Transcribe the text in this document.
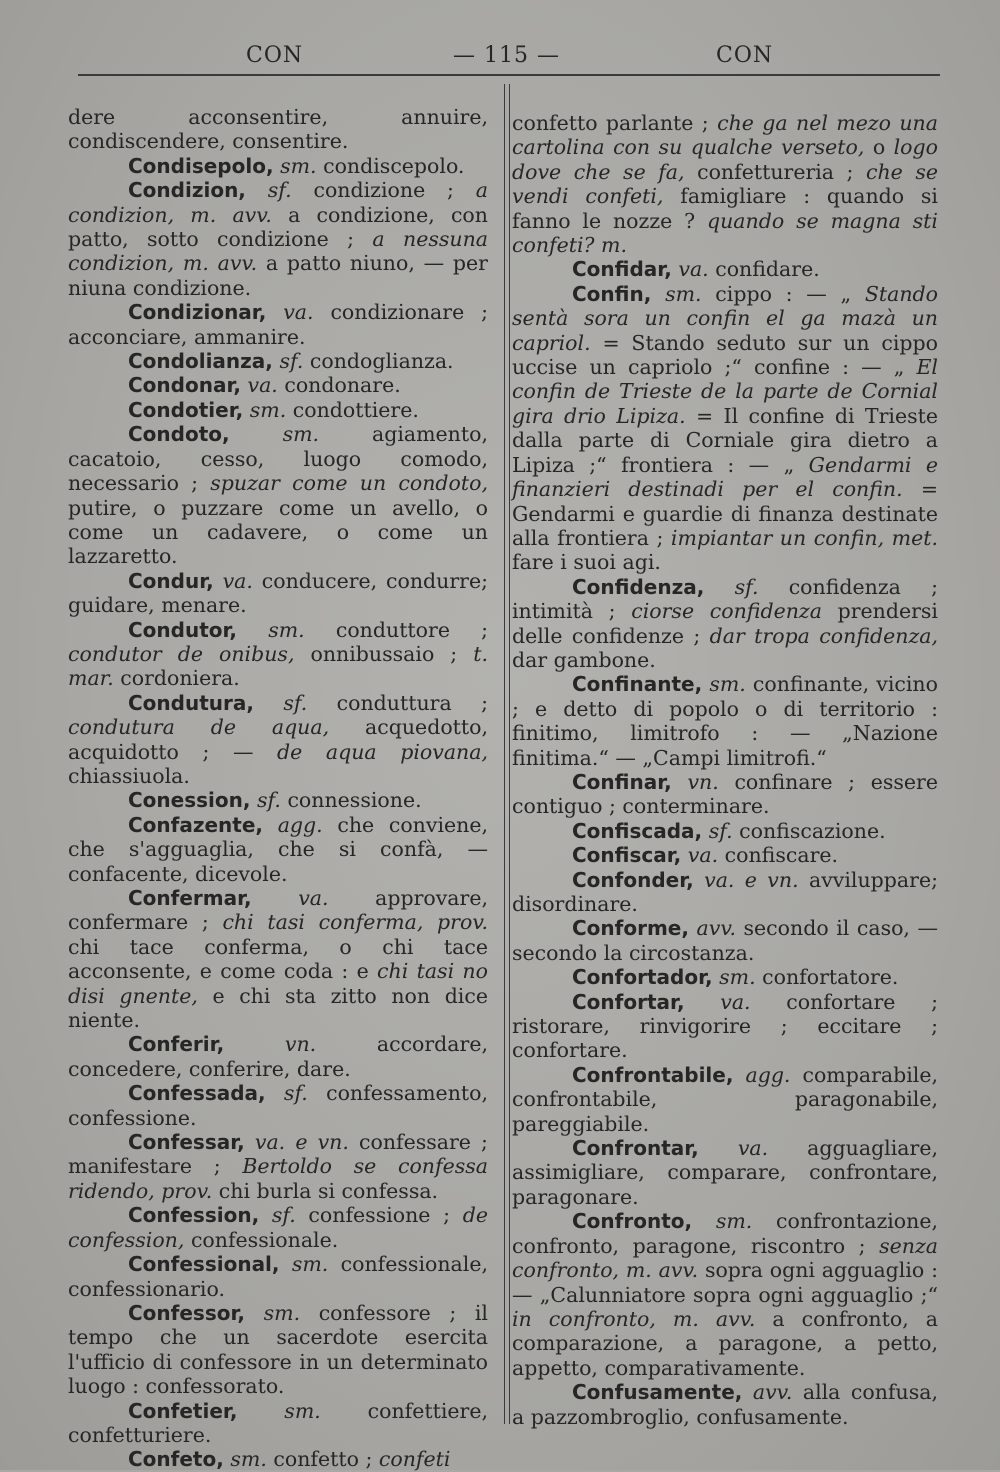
CON	— 115 —	CON

dere acconsentire, annuire, condiscendere, consentire.

Condisepolo, sm. condiscepolo.

Condizion, sf. condizione ; a condizion, m. avv. a condizione, con patto, sotto condizione ; a nessuna condizion, m. avv. a patto niuno, — per niuna condizione.

Condizionar, va. condizionare ; acconciare, ammanire.

Condolianza, sf. condoglianza.

Condonar, va. condonare.

Condotier, sm. condottiere.

Condoto,	sm.	agiamento, cacatoio, cesso, luogo comodo, necessario ; spuzar come un condoto, putire, o puzzare come un avello, o come un cadavere, o come un lazzaretto.

Condur, va. conducere, condurre; guidare, menare.

Condutor, sm. conduttore ; condutor de onibus, onnibussaio ; t. mar. cordoniera.

Condutura, sf. conduttura ; condutura de aqua, acquedotto, acquidotto ; — de aqua piovana, chiassiuola.

Conession, sf. connessione.

Confazente, agg. che conviene, che s'agguaglia, che si confà, — confacente, dicevole.

Confermar, va. approvare, confermare ; chi tasi conferma, prov. chi tace conferma, o chi tace acconsente, e come coda : e chi tasi no disi gnente, e chi sta zitto non dice niente.

Conferir,	vn.	accordare, concedere, conferire, dare.

Confessada, sf. confessamento, confessione.

Confessar, va. e vn. confessare ; manifestare ; Bertoldo se confessa ridendo, prov. chi burla si confessa.

Confession, sf. confessione ; de confession, confessionale.

Confessional, sm. confessionale, confessionario.

Confessor, sm. confessore ; il tempo che un sacerdote esercita l'ufficio di confessore in un determinato luogo : confessorato.

Confetier, sm. confettiere, confetturiere.

Confeto, sm. confetto ; confeti

confetto parlante ; che ga nel mezo una cartolina con su qualche verseto, o logo dove che se fa, confettureria ; che se vendi confeti, famigliare : quando si fanno le nozze ? quando se magna sti confeti? m.

Confidar, va. confidare.

Confin, sm. cippo : — „ Stando sentà sora un confin el ga mazà un capriol. = Stando seduto sur un cippo uccise un capriolo ;“ confine : — „ El confin de Trieste de la parte de Cornial gira drio Lipiza. = Il confine di Trieste dalla parte di Corniale gira dietro a Lipiza ;“ frontiera : — „ Gendarmi e finanzieri destinadi per el confin. = Gendarmi e guardie di finanza destinate alla frontiera ; impiantar un confin, met. fare i suoi agi.

Confidenza, sf. confidenza ; intimità ; ciorse confidenza prendersi delle confidenze ; dar tropa confidenza, dar gambone.

Confinante, sm. confinante, vicino ; e detto di popolo o di territorio : finitimo, limitrofo : — „Nazione finitima.“ — „Campi limitrofi.“

Confinar, vn. confinare ; essere contiguo ; conterminare.

Confiscada, sf. confiscazione.

Confiscar, va. confiscare.

Confonder, va. e vn. avviluppare; disordinare.

Conforme, avv. secondo il caso, — secondo la circostanza.

Confortador, sm. confortatore.

Confortar, va. confortare ; ristorare, rinvigorire ; eccitare ; confortare.

Confrontabile, agg. comparabile, confrontabile, paragonabile, pareggiabile.

Confrontar, va. agguagliare, assimigliare, comparare, confrontare, paragonare.

Confronto, sm. confrontazione, confronto, paragone, riscontro ; senza confronto, m. avv. sopra ogni agguaglio : — „Calunniatore sopra ogni agguaglio ;“ in confronto, m. avv. a confronto, a comparazione, a paragone, a petto, appetto, comparativamente.

Confusamente, avv. alla confusa, a pazzombroglio, confusamente.
